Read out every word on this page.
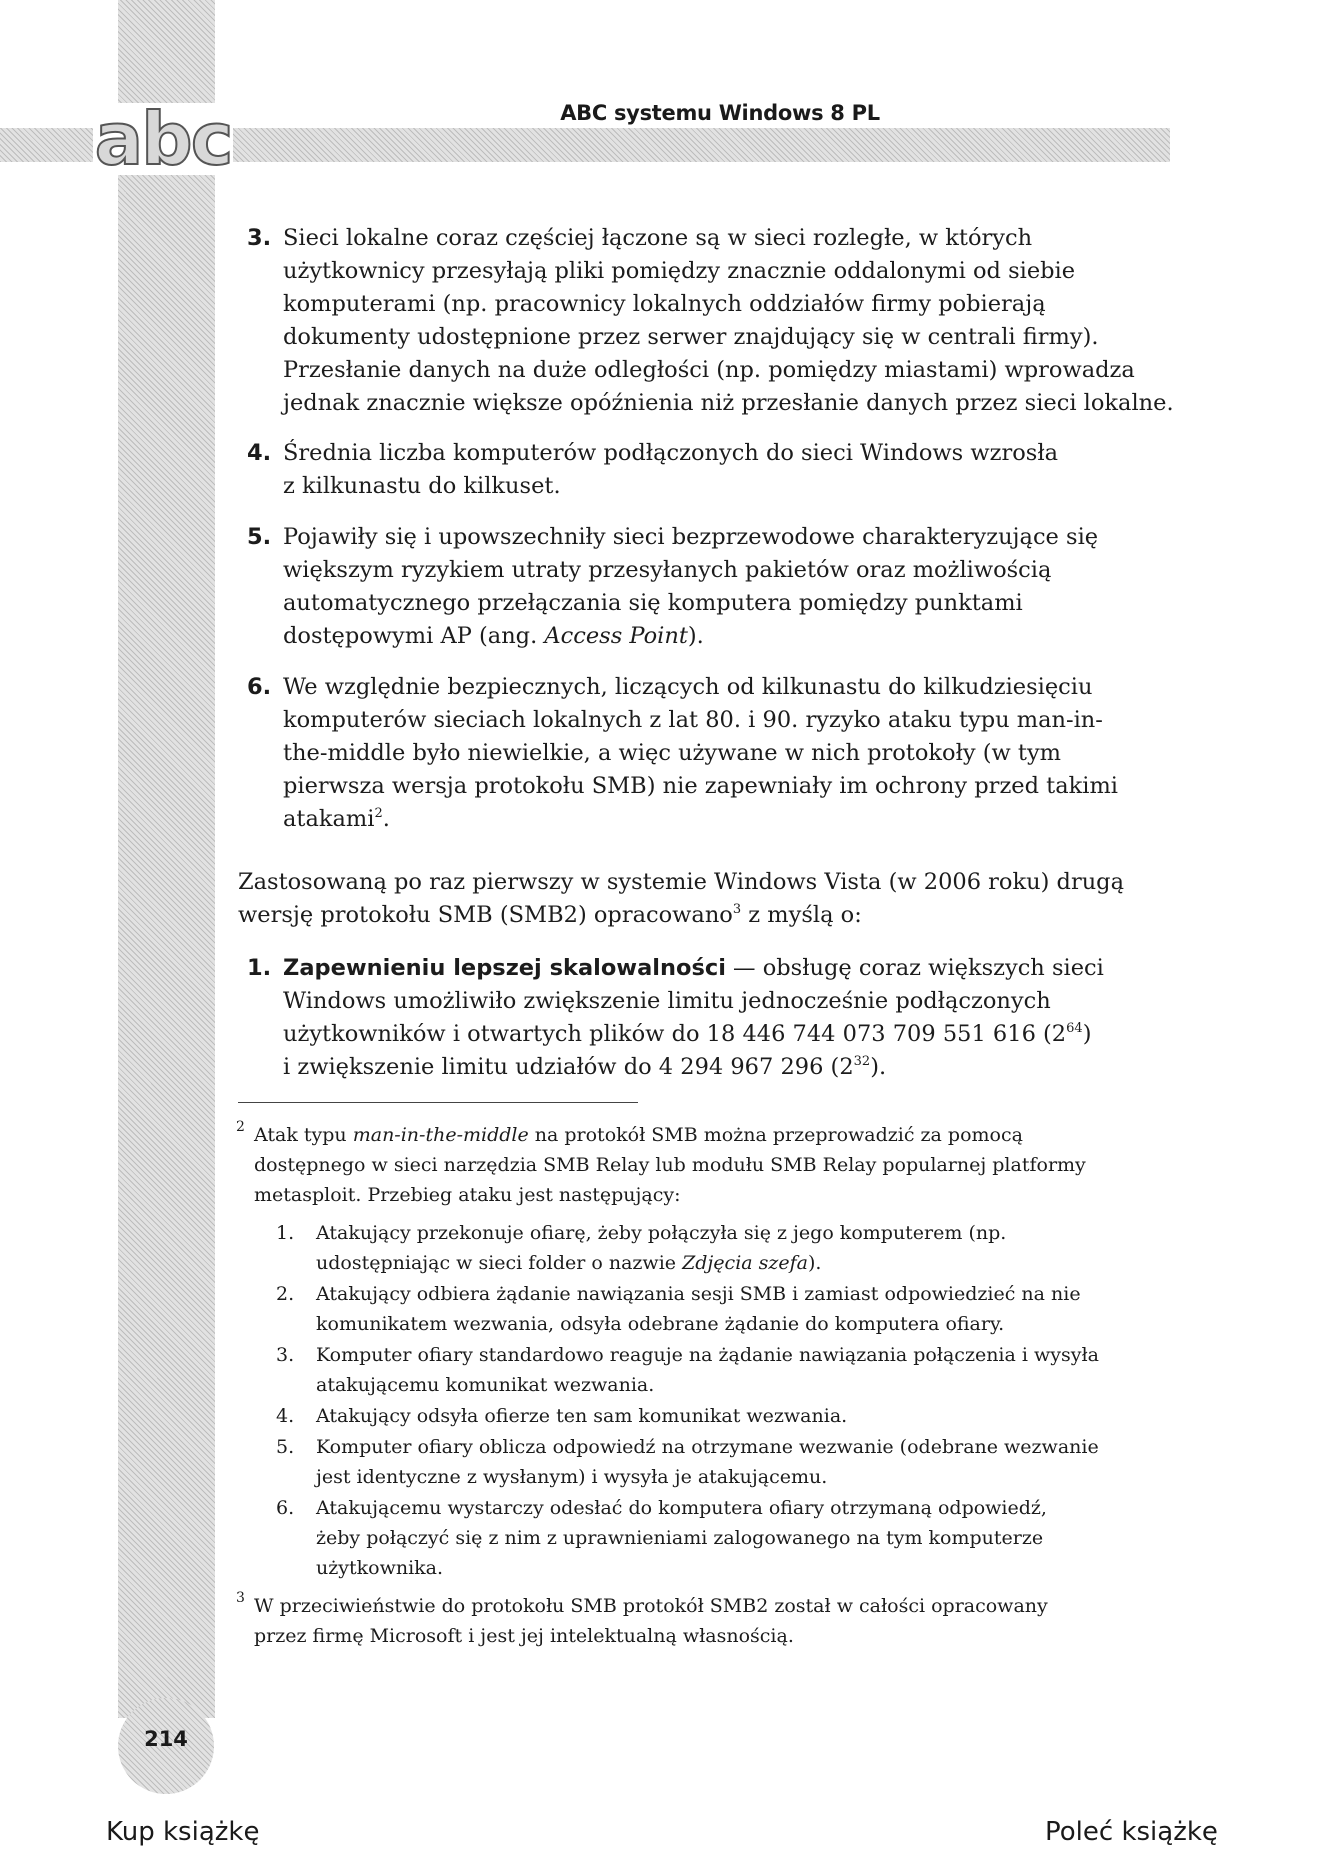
abc	ABC systemu Windows 8 PL
3. Sieci lokalne coraz częściej łączone są w sieci rozległe, w których
użytkownicy przesyłają pliki pomiędzy znacznie oddalonymi od siebie
komputerami (np. pracownicy lokalnych oddziałów firmy pobierają
dokumenty udostępnione przez serwer znajdujący się w centrali firmy).
Przesłanie danych na duże odległości (np. pomiędzy miastami) wprowadza
jednak znacznie większe opóźnienia niż przesłanie danych przez sieci lokalne.
4. Średnia liczba komputerów podłączonych do sieci Windows wzrosła
z kilkunastu do kilkuset.
5. Pojawiły się i upowszechniły sieci bezprzewodowe charakteryzujące się
większym ryzykiem utraty przesyłanych pakietów oraz możliwością
automatycznego przełączania się komputera pomiędzy punktami
dostępowymi AP (ang. Access Point).
6. We względnie bezpiecznych, liczących od kilkunastu do kilkudziesięciu
komputerów sieciach lokalnych z lat 80. i 90. ryzyko ataku typu man-in-
the-middle było niewielkie, a więc używane w nich protokoły (w tym
pierwsza wersja protokołu SMB) nie zapewniały im ochrony przed takimi
atakami$^2$.
Zastosowaną po raz pierwszy w systemie Windows Vista (w 2006 roku) drugą
wersję protokołu SMB (SMB2) opracowano$^3$ z myślą o:
1. Zapewnieniu lepszej skalowalności — obsługę coraz większych sieci
Windows umożliwiło zwiększenie limitu jednocześnie podłączonych
użytkowników i otwartych plików do 18 446 744 073 709 551 616 $(2^{64})$
i zwiększenie limitu udziałów do 4 294 967 296 $(2^{32})$.
2 Atak typu man-in-the-middle na protokół SMB można przeprowadzić za pomocą
dostępnego w sieci narzędzia SMB Relay lub modułu SMB Relay popularnej platformy
metasploit. Przebieg ataku jest następujący:
1. Atakujący przekonuje ofiarę, żeby połączyła się z jego komputerem (np.
udostępniając w sieci folder o nazwie Zdjęcia szefa).
2. Atakujący odbiera żądanie nawiązania sesji SMB i zamiast odpowiedzieć na nie
komunikatem wezwania, odsyła odebrane żądanie do komputera ofiary.
3. Komputer ofiary standardowo reaguje na żądanie nawiązania połączenia i wysyła
atakującemu komunikat wezwania.
4. Atakujący odsyła ofierze ten sam komunikat wezwania.
5. Komputer ofiary oblicza odpowiedź na otrzymane wezwanie (odebrane wezwanie
jest identyczne z wysłanym) i wysyła je atakującemu.
6. Atakującemu wystarczy odesłać do komputera ofiary otrzymaną odpowiedź,
żeby połączyć się z nim z uprawnieniami zalogowanego na tym komputerze
użytkownika.
3 W przeciwieństwie do protokołu SMB protokół SMB2 został w całości opracowany
przez firmę Microsoft i jest jej intelektualną własnością.
214
Kup książkę	Poleć książkę
